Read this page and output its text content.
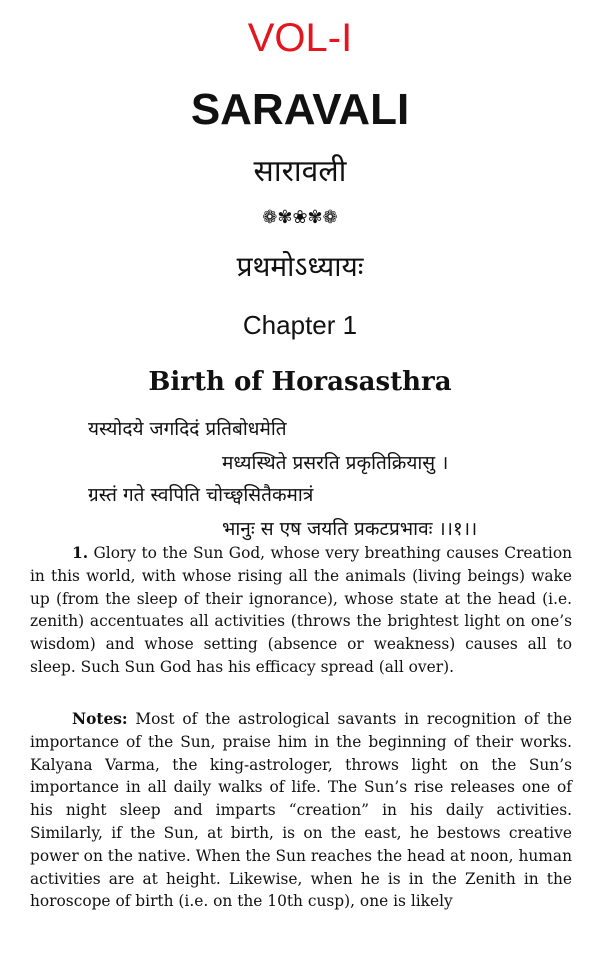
VOL-I
SARAVALI
सारावली
❁✾❀✾❁
प्रथमोऽध्यायः
Chapter 1
Birth of Horasasthra
यस्योदये जगदिदं प्रतिबोधमेति
मध्यस्थिते प्रसरति प्रकृतिक्रियासु ।
ग्रस्तं गते स्वपिति चोच्छ्वसितैकमात्रं
भानुः स एष जयति प्रकटप्रभावः ।।१।।
1. Glory to the Sun God, whose very breathing causes Creation in this world, with whose rising all the animals (living beings) wake up (from the sleep of their ignorance), whose state at the head (i.e. zenith) accentuates all activities (throws the brightest light on one’s wisdom) and whose setting (absence or weakness) causes all to sleep. Such Sun God has his efficacy spread (all over).
Notes: Most of the astrological savants in recognition of the importance of the Sun, praise him in the beginning of their works. Kalyana Varma, the king-astrologer, throws light on the Sun’s importance in all daily walks of life. The Sun’s rise releases one of his night sleep and imparts “creation” in his daily activities. Similarly, if the Sun, at birth, is on the east, he bestows creative power on the native. When the Sun reaches the head at noon, human activities are at height. Likewise, when he is in the Zenith in the horoscope of birth (i.e. on the 10th cusp), one is likely
